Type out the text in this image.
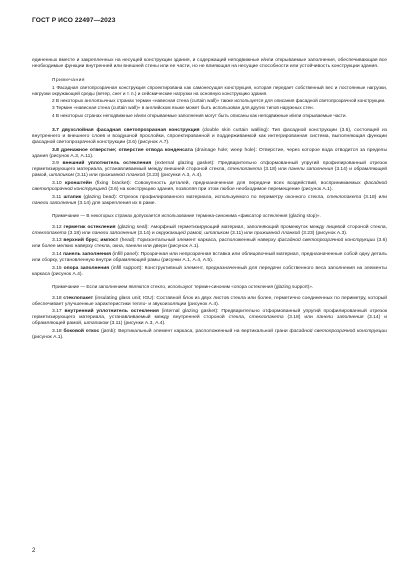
ГОСТ Р ИСО 22497—2023

единенных вместе и закрепленных на несущей конструкции здания, и содержащий неподвижные и/или открываемые заполнения, обеспечивающая все необходимые функции внутренней или внешней стены или ее части, но не влияющая на несущие способности или устойчивость конструкции здания.

Примечания

1 Фасадная светопрозрачная конструкция спроектирована как самонесущая конструкция, которая передает собственный вес и постоянные нагрузки, нагрузки окружающей среды (ветер, снег и т. п.) и сейсмические нагрузки на основную конструкцию здания.

2 В некоторых англоязычных странах термин «навесная стена (curtain wall)» также используется для описания фасадной светопрозрачной конструкции.

3 Термин «навесная стена (curtain wall)» в английском языке может быть использован для других типов наружных стен.

4 В некоторых странах неподвижные и/или открываемые заполнения могут быть описаны как неподвижные и/или открываемые части.

3.7 двухслойная фасадная светопрозрачная конструкция (double skin curtain walling): Тип фасадной конструкции (3.6), состоящей из внутреннего и внешнего слоев и воздушной прослойки, спроектированной и поддерживаемой как интегрированная система, выполняющая функции фасадной светопрозрачной конструкции (3.6) (рисунок А.7).

3.8 дренажное отверстие; отверстие отвода конденсата (drainage hole; weep hole): Отверстие, через которое вода отводится за пределы здания (рисунок А.3, А.11).

3.9 внешний уплотнитель остекления (external glazing gasket): Предварительно отформованный упругий профилированный отрезок герметизирующего материала, устанавливаемый между внешней стороной стекла, стеклопакета (3.18) или панели заполнения (3.14) и обрамляющей рамой, штапиком (3.11) или прижимной планкой (3.23) (рисунки А.3, А.4).

3.10 кронштейн (fixing bracket): Совокупность деталей, предназначенная для передачи всех воздействий, воспринимаемых фасадной светопрозрачной конструкцией (3.6) на конструкцию здания, позволяя при этом любое необходимое перемещение (рисунок А.1).

3.11 штапик (glazing bead): Отрезок профилированного материала, используемого по периметру оконного стекла, стеклопакета (3.18) или панели заполнения (3.14) для закрепления их в раме.

Примечание — В некоторых странах допускается использование термина-синонима «фиксатор остекления (glazing stop)».

3.12 герметик остекления (glazing seal): Аморфный герметизирующий материал, заполняющий промежуток между лицевой стороной стекла, стеклопакета (3.18) или панели заполнения (3.14) и окружающей рамой, штапиком (3.11) или прижимной планкой (3.23) (рисунок А.3).

3.13 верхний брус; импост (head): Горизонтальный элемент каркаса, расположенный наверху фасадной светопрозрачной конструкции (3.6) или более мелких наверху стекла, окна, панели или двери (рисунок А.1).

3.14 панель заполнения (infill panel): Прозрачная или непрозрачная вставка или облицовочный материал, предназначенные собой одну деталь или сборку, установленную внутри обрамляющей рамы (рисунки А.1, А.4, А.5).

3.15 опора заполнения (infill support): Конструктивный элемент, предназначенный для передачи собственного веса заполнения на элементы каркаса (рисунок А.4).

Примечание — Если заполнением являются стекло, используют термин-синоним «опора остекления (glazing support)».

3.18 стеклопакет (insulating glass unit; IGU): Составной блок из двух листов стекла или более, герметично соединенных по периметру, который обеспечивает улучшенные характеристики тепло- и звукоизоляции (рисунок А.4).

3.17 внутренний уплотнитель остекления (internal glazing gasket): Предварительно отформованный упругий профилированный отрезок герметизирующего материала, устанавливаемый между внутренней стороной стекла, стеклопакета (3.18) или панели заполнения (3.14) и обрамляющей рамой, штапиком (3.11) (рисунки А.3, А.4).

3.18 боковой откос (jamb): Вертикальный элемент каркаса, расположенный на вертикальной грани фасадной светопрозрачной конструкции (рисунок А.1).

2
